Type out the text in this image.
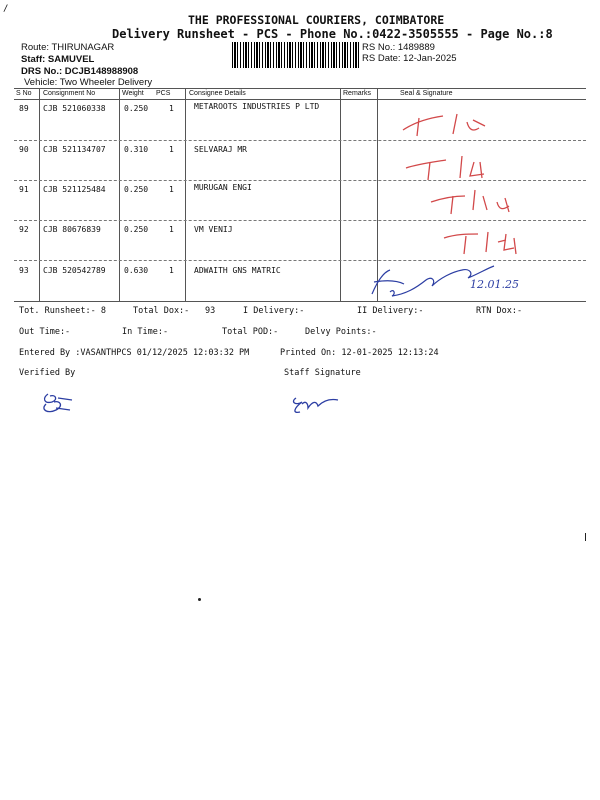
/
THE PROFESSIONAL COURIERS, COIMBATORE
Delivery Runsheet - PCS - Phone No.:0422-3505555 - Page No.:8
Route: THIRUNAGAR
Staff: SAMUVEL
DRS No.: DCJB148988908
Vehicle: Two Wheeler Delivery
RS No.: 1489889
RS Date: 12-Jan-2025
S No Consignment No	Weight PCS	Consignee Details	Remarks	Seal & Signature
89 CJB 521060338 0.250	1	METAROOTS INDUSTRIES P LTD
90 CJB 521134707 0.310	1	SELVARAJ MR
91 CJB 521125484 0.250	1	MURUGAN ENGI
92 CJB 80676839	0.250	1	VM VENIJ
93 CJB 520542789 0.630	1	ADWAITH GNS MATRIC
12.01.25
Tot. Runsheet:- 8	Total Dox:- 93	I Delivery:-	II Delivery:-	RTN Dox:-
Out Time:-	In Time:-	Total POD:-	Delvy Points:-
Entered By :VASANTHPCS 01/12/2025 12:03:32 PM	Printed On: 12-01-2025 12:13:24
Verified By	Staff Signature
